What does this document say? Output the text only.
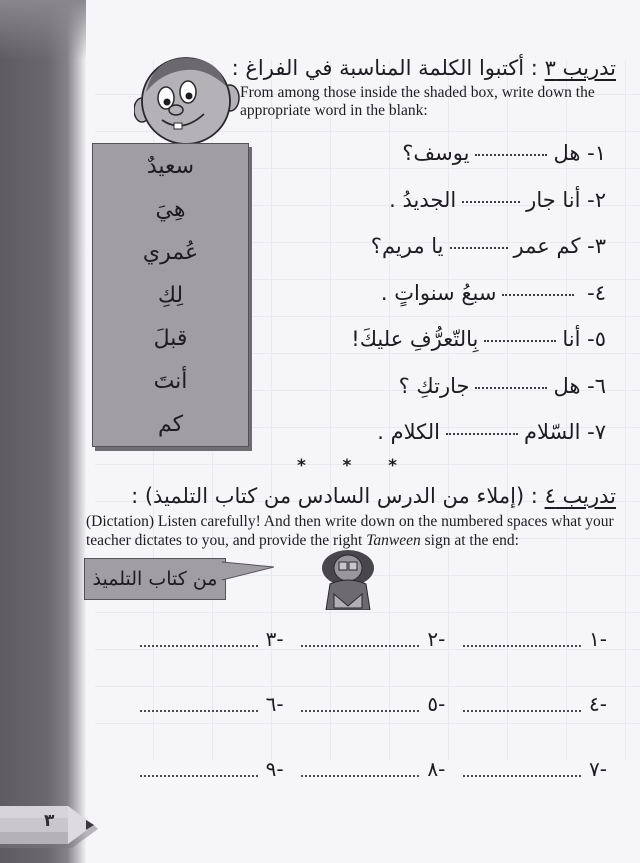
تدريب ٣ : أكتبوا الكلمة المناسبة في الفراغ :
From among those inside the shaded box, write down the appropriate word in the blank:
سعيدٌ
هِيَ
عُمري
لِكِ
قبلَ
أنتَ
كم
١- هليوسف؟
٢- أنا جارالجديدُ .
٣- كم عمريا مريم؟
٤- سبعُ سنواتٍ .
٥- أنابِالتّعرُّفِ عليكَ!
٦- هلجارتكِ ؟
٧- السّلامالكلام .
* * *
تدريب ٤ : (إملاء من الدرس السادس من كتاب التلميذ) :
(Dictation) Listen carefully! And then write down on the numbered spaces what your teacher dictates to you, and provide the right Tanween sign at the end:
من كتاب التلميذ
١-
٢-
٣-
٤-
٥-
٦-
٧-
٨-
٩-
٣
